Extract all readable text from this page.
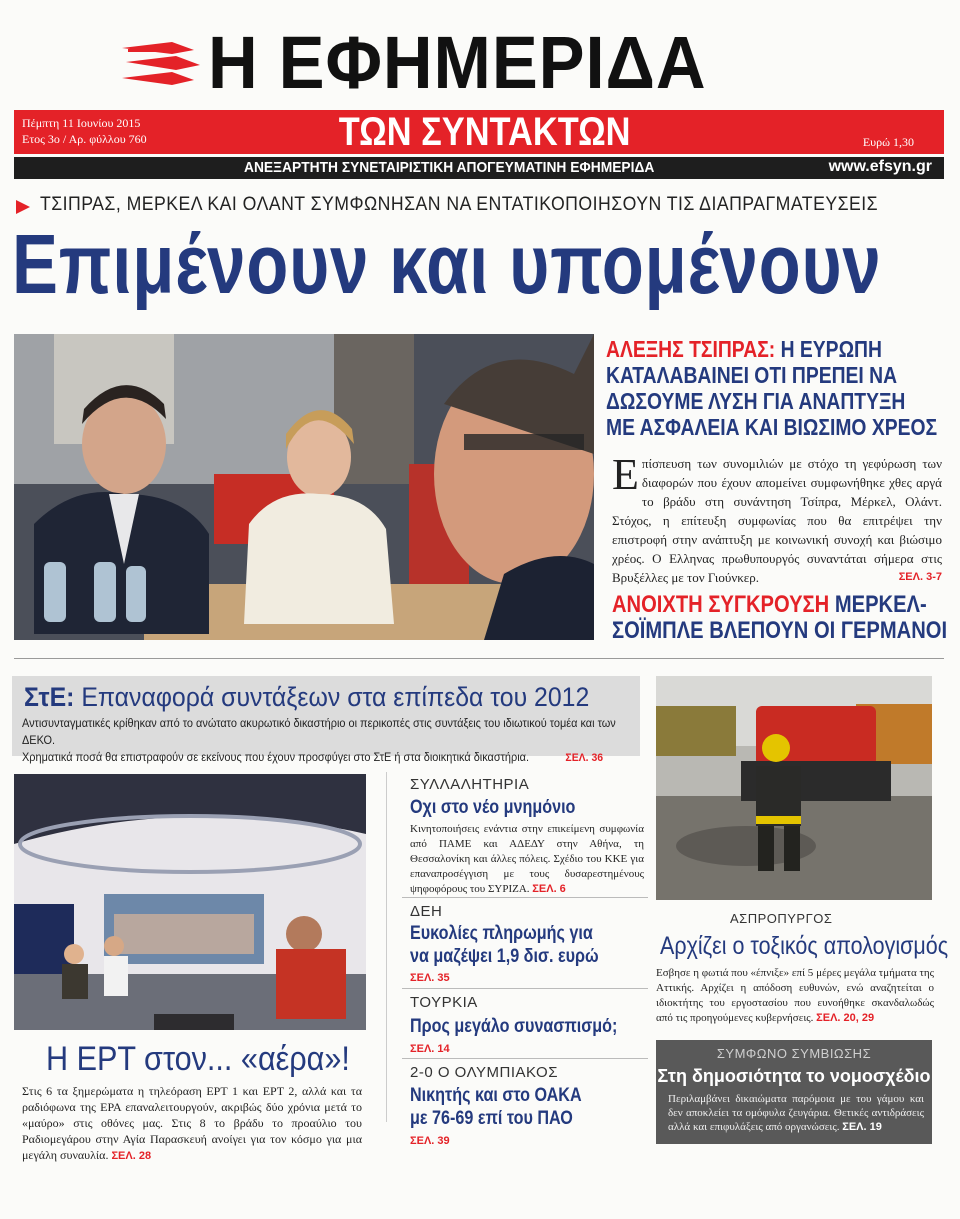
Η ΕΦΗΜΕΡΙΔΑ
Πέμπτη 11 Ιουνίου 2015
Ετος 3ο / Αρ. φύλλου 760	ΤΩΝ ΣΥΝΤΑΚΤΩΝ	Ευρώ 1,30
ΑΝΕΞΑΡΤΗΤΗ ΣΥΝΕΤΑΙΡΙΣΤΙΚΗ ΑΠΟΓΕΥΜΑΤΙΝΗ ΕΦΗΜΕΡΙΔΑ	www.efsyn.gr
ΤΣΙΠΡΑΣ, ΜΕΡΚΕΛ ΚΑΙ ΟΛΑΝΤ ΣΥΜΦΩΝΗΣΑΝ ΝΑ ΕΝΤΑΤΙΚΟΠΟΙΗΣΟΥΝ ΤΙΣ ΔΙΑΠΡΑΓΜΑΤΕΥΣΕΙΣ
Επιμένουν και υπομένουν
ΑΛΕΞΗΣ ΤΣΙΠΡΑΣ: Η ΕΥΡΩΠΗ
ΚΑΤΑΛΑΒΑΙΝΕΙ ΟΤΙ ΠΡΕΠΕΙ ΝΑ
ΔΩΣΟΥΜΕ ΛΥΣΗ ΓΙΑ ΑΝΑΠΤΥΞΗ
ΜΕ ΑΣΦΑΛΕΙΑ ΚΑΙ ΒΙΩΣΙΜΟ ΧΡΕΟΣ
Επίσπευση των συνομιλιών με στόχο τη γεφύρωση των διαφορών που έχουν απομείνει συμφωνήθηκε χθες αργά το βράδυ στη συνάντηση Τσίπρα, Μέρκελ, Ολάντ. Στόχος, η επίτευξη συμφωνίας που θα επιτρέψει την επιστροφή στην ανάπτυξη με κοινωνική συνοχή και βιώσιμο χρέος. Ο Ελληνας πρωθυπουργός συναντάται σήμερα στις Βρυξέλλες με τον Γιούνκερ.	ΣΕΛ. 3-7
ΑΝΟΙΧΤΗ ΣΥΓΚΡΟΥΣΗ ΜΕΡΚΕΛ-
ΣΟΪΜΠΛΕ ΒΛΕΠΟΥΝ ΟΙ ΓΕΡΜΑΝΟΙ
ΣτΕ: Επαναφορά συντάξεων στα επίπεδα του 2012
Αντισυνταγματικές κρίθηκαν από το ανώτατο ακυρωτικό δικαστήριο οι περικοπές στις συντάξεις του ιδιωτικού τομέα και των ΔΕΚΟ.
Χρηματικά ποσά θα επιστραφούν σε εκείνους που έχουν προσφύγει στο ΣτΕ ή στα διοικητικά δικαστήρια.	ΣΕΛ. 36
Η ΕΡΤ στον... «αέρα»!
Στις 6 τα ξημερώματα η τηλεόραση ΕΡΤ 1 και ΕΡΤ 2, αλλά και τα ραδιόφωνα της ΕΡΑ επαναλειτουργούν, ακριβώς δύο χρόνια μετά το «μαύρο» στις οθόνες μας. Στις 8 το βράδυ το προαύλιο του Ραδιομεγάρου στην Αγία Παρασκευή ανοίγει για τον κόσμο για μια μεγάλη συναυλία. ΣΕΛ. 28
ΣΥΛΛΑΛΗΤΗΡΙΑ
Οχι στο νέο μνημόνιο
Κινητοποιήσεις ενάντια στην επικείμενη συμφωνία από ΠΑΜΕ και ΑΔΕΔΥ στην Αθήνα, τη Θεσσαλονίκη και άλλες πόλεις. Σχέδιο του ΚΚΕ για επαναπροσέγγιση με τους δυσαρεστημένους ψηφοφόρους του ΣΥΡΙΖΑ. ΣΕΛ. 6
ΔΕΗ
Ευκολίες πληρωμής για
να μαζέψει 1,9 δισ. ευρώ
ΣΕΛ. 35
ΤΟΥΡΚΙΑ
Προς μεγάλο συνασπισμό;
ΣΕΛ. 14
2-0 Ο ΟΛΥΜΠΙΑΚΟΣ
Νικητής και στο ΟΑΚΑ
με 76-69 επί του ΠΑΟ
ΣΕΛ. 39
ΑΣΠΡΟΠΥΡΓΟΣ
Αρχίζει ο τοξικός απολογισμός
Εσβησε η φωτιά που «έπνιξε» επί 5 μέρες μεγάλα τμήματα της Αττικής. Αρχίζει η απόδοση ευθυνών, ενώ αναζητείται ο ιδιοκτήτης του εργοστασίου που ευνοήθηκε σκανδαλωδώς από τις προηγούμενες κυβερνήσεις. ΣΕΛ. 20, 29
ΣΥΜΦΩΝΟ ΣΥΜΒΙΩΣΗΣ
Στη δημοσιότητα το νομοσχέδιο
Περιλαμβάνει δικαιώματα παρόμοια με του γάμου και δεν αποκλείει τα ομόφυλα ζευγάρια. Θετικές αντιδράσεις αλλά και επιφυλάξεις από οργανώσεις. ΣΕΛ. 19
